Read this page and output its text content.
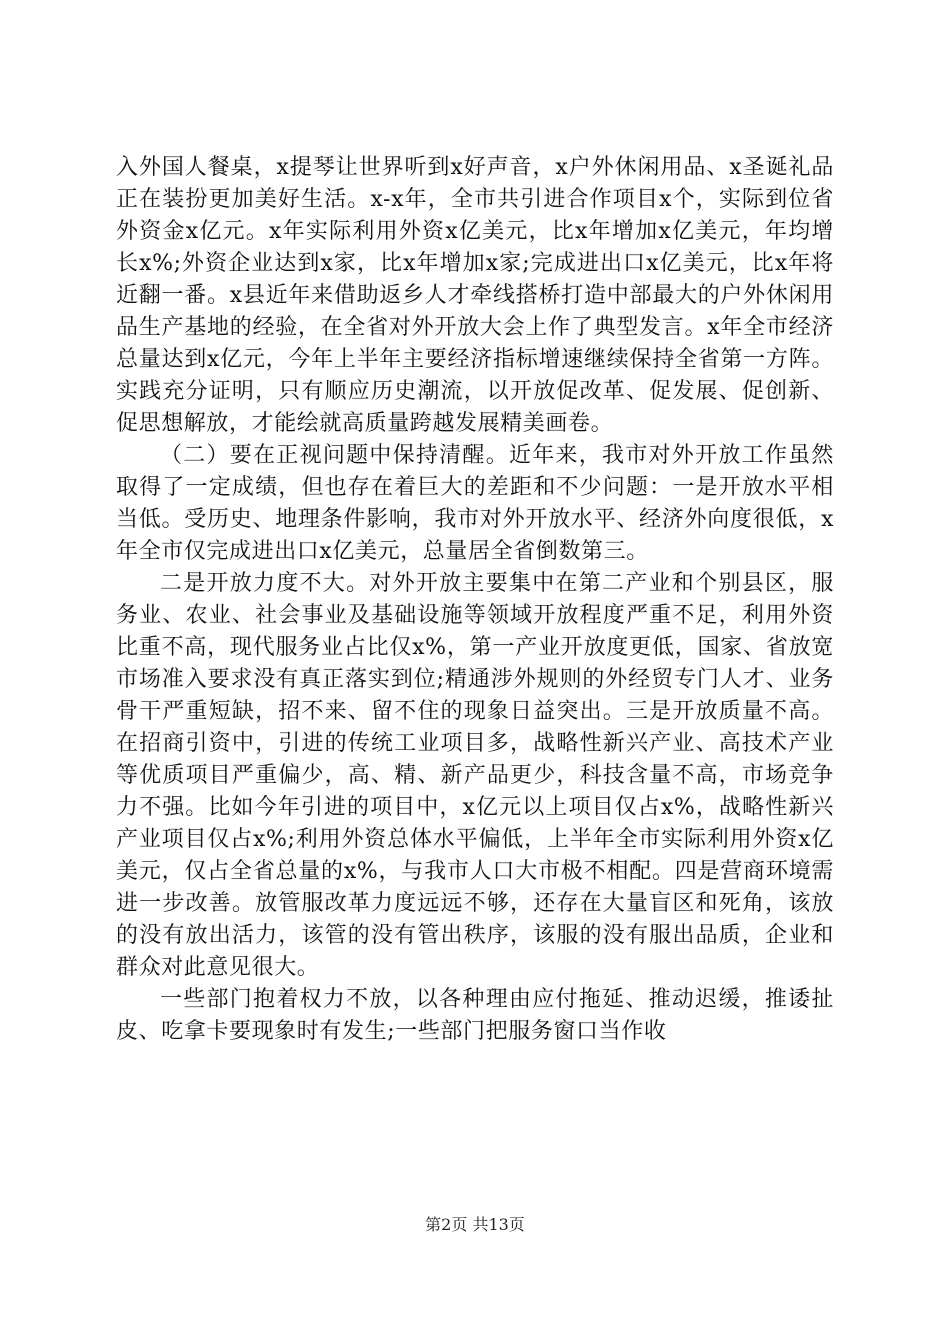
入外国人餐桌，x提琴让世界听到x好声音，x户外休闲用品、x圣诞礼品正在装扮更加美好生活。x-x年，全市共引进合作项目x个，实际到位省外资金x亿元。x年实际利用外资x亿美元，比x年增加x亿美元，年均增长x%;外资企业达到x家，比x年增加x家;完成进出口x亿美元，比x年将近翻一番。x县近年来借助返乡人才牵线搭桥打造中部最大的户外休闲用品生产基地的经验，在全省对外开放大会上作了典型发言。x年全市经济总量达到x亿元，今年上半年主要经济指标增速继续保持全省第一方阵。实践充分证明，只有顺应历史潮流，以开放促改革、促发展、促创新、促思想解放，才能绘就高质量跨越发展精美画卷。

（二）要在正视问题中保持清醒。近年来，我市对外开放工作虽然取得了一定成绩，但也存在着巨大的差距和不少问题：一是开放水平相当低。受历史、地理条件影响，我市对外开放水平、经济外向度很低，x年全市仅完成进出口x亿美元，总量居全省倒数第三。

二是开放力度不大。对外开放主要集中在第二产业和个别县区，服务业、农业、社会事业及基础设施等领域开放程度严重不足，利用外资比重不高，现代服务业占比仅x%，第一产业开放度更低，国家、省放宽市场准入要求没有真正落实到位;精通涉外规则的外经贸专门人才、业务骨干严重短缺，招不来、留不住的现象日益突出。三是开放质量不高。在招商引资中，引进的传统工业项目多，战略性新兴产业、高技术产业等优质项目严重偏少，高、精、新产品更少，科技含量不高，市场竞争力不强。比如今年引进的项目中，x亿元以上项目仅占x%，战略性新兴产业项目仅占x%;利用外资总体水平偏低，上半年全市实际利用外资x亿美元，仅占全省总量的x%，与我市人口大市极不相配。四是营商环境需进一步改善。放管服改革力度远远不够，还存在大量盲区和死角，该放的没有放出活力，该管的没有管出秩序，该服的没有服出品质，企业和群众对此意见很大。

一些部门抱着权力不放，以各种理由应付拖延、推动迟缓，推诿扯皮、吃拿卡要现象时有发生;一些部门把服务窗口当作收

第2页 共13页
